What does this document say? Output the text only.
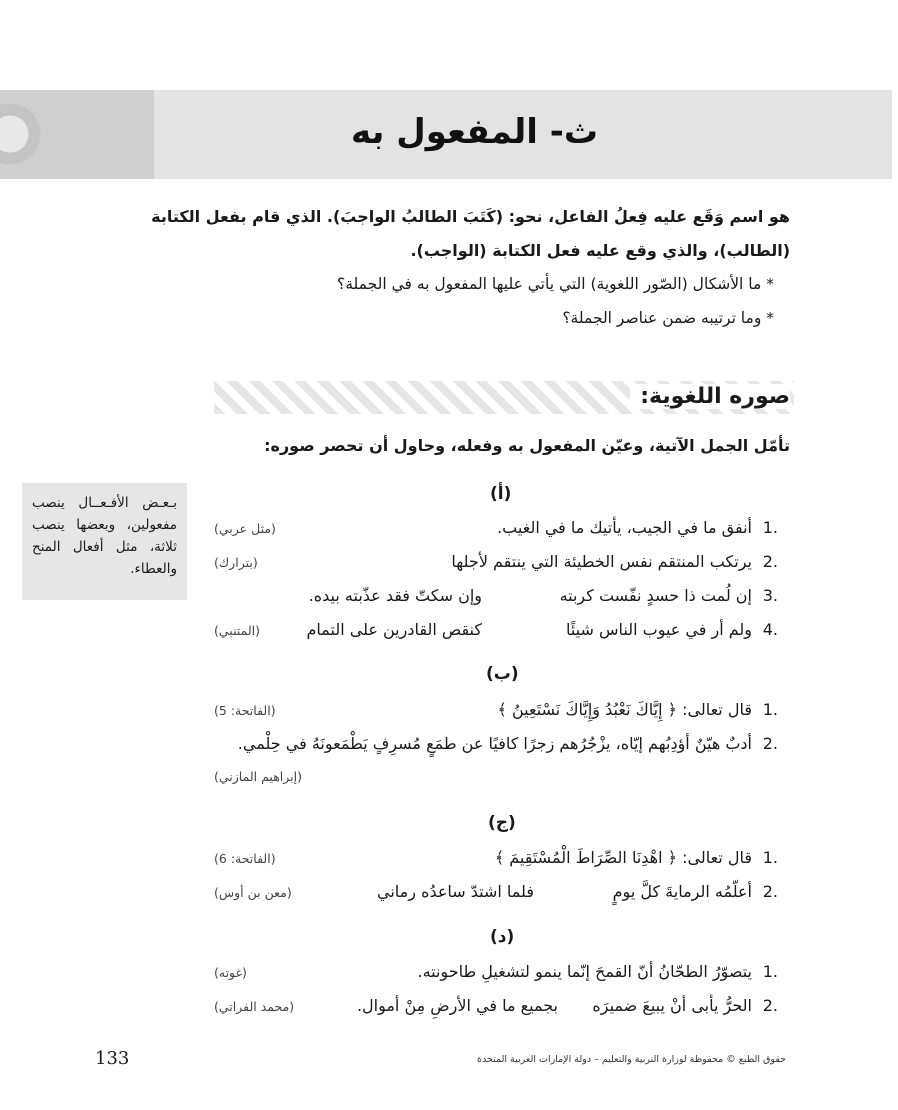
ث- المفعول به
هو اسم وَقَع عليه فِعلُ الفاعل، نحو: (كَتَبَ الطالبُ الواجبَ). الذي قام بفعل الكتابة
(الطالب)، والذي وقع عليه فعل الكتابة (الواجب).
* ما الأشكال (الصّور اللغوية) التي يأتي عليها المفعول به في الجملة؟
* وما ترتيبه ضمن عناصر الجملة؟
صوره اللغوية:
تأمّل الجمل الآتية، وعيّن المفعول به وفعله، وحاول أن تحصر صوره:
بـعـض الأفـعــال ينصب مفعولين، وبعضها ينصب ثلاثة، مثل أفعال المنح والعطاء.
(أ)
1.
أنفق ما في الجيب، يأتيك ما في الغيب.
(مثل عربي)
2.
يرتكب المنتقم نفس الخطيئة التي ينتقم لأجلها
(بترارك)
3.
إن لُمت ذا حسدٍ نفّست كربته
وإن سكتّ فقد عذّبته بيده.
4.
ولم أر في عيوب الناس شيئًا
كنقص القادرين على التمام
(المتنبي)
(ب)
1.
قال تعالى: ﴿ إِيَّاكَ نَعْبُدُ وَإِيَّاكَ نَسْتَعِينُ ﴾
(الفاتحة: 5)
2.
أدبٌ هيّنٌ أؤدِبُهم إيّاه، يزْجُرُهم زجرًا كافيًا عن طمَعٍ مُسرِفٍ يَطْمَعونَهُ في حِلْمي.
(إبراهيم المازني)
(ج)
1.
قال تعالى: ﴿ اهْدِنَا الصِّرَاطَ الْمُسْتَقِيمَ ﴾
(الفاتحة: 6)
2.
أعلّمُه الرمايةَ كلَّ يومٍ
فلما اشتدّ ساعدُه رماني
(معن بن أوس)
(د)
1.
يتصوّرُ الطحّانُ أنّ القمحَ إنّما ينمو لتشغيلِ طاحونته.
(غوته)
2.
الحرُّ يأبى أنْ يبيعَ ضميرَه
بجميع ما في الأرضِ مِنْ أموال.
(محمد الفراتي)
133	حقوق الطبع © محفوظة لوزارة التربية والتعليم – دولة الإمارات العربية المتحدة
